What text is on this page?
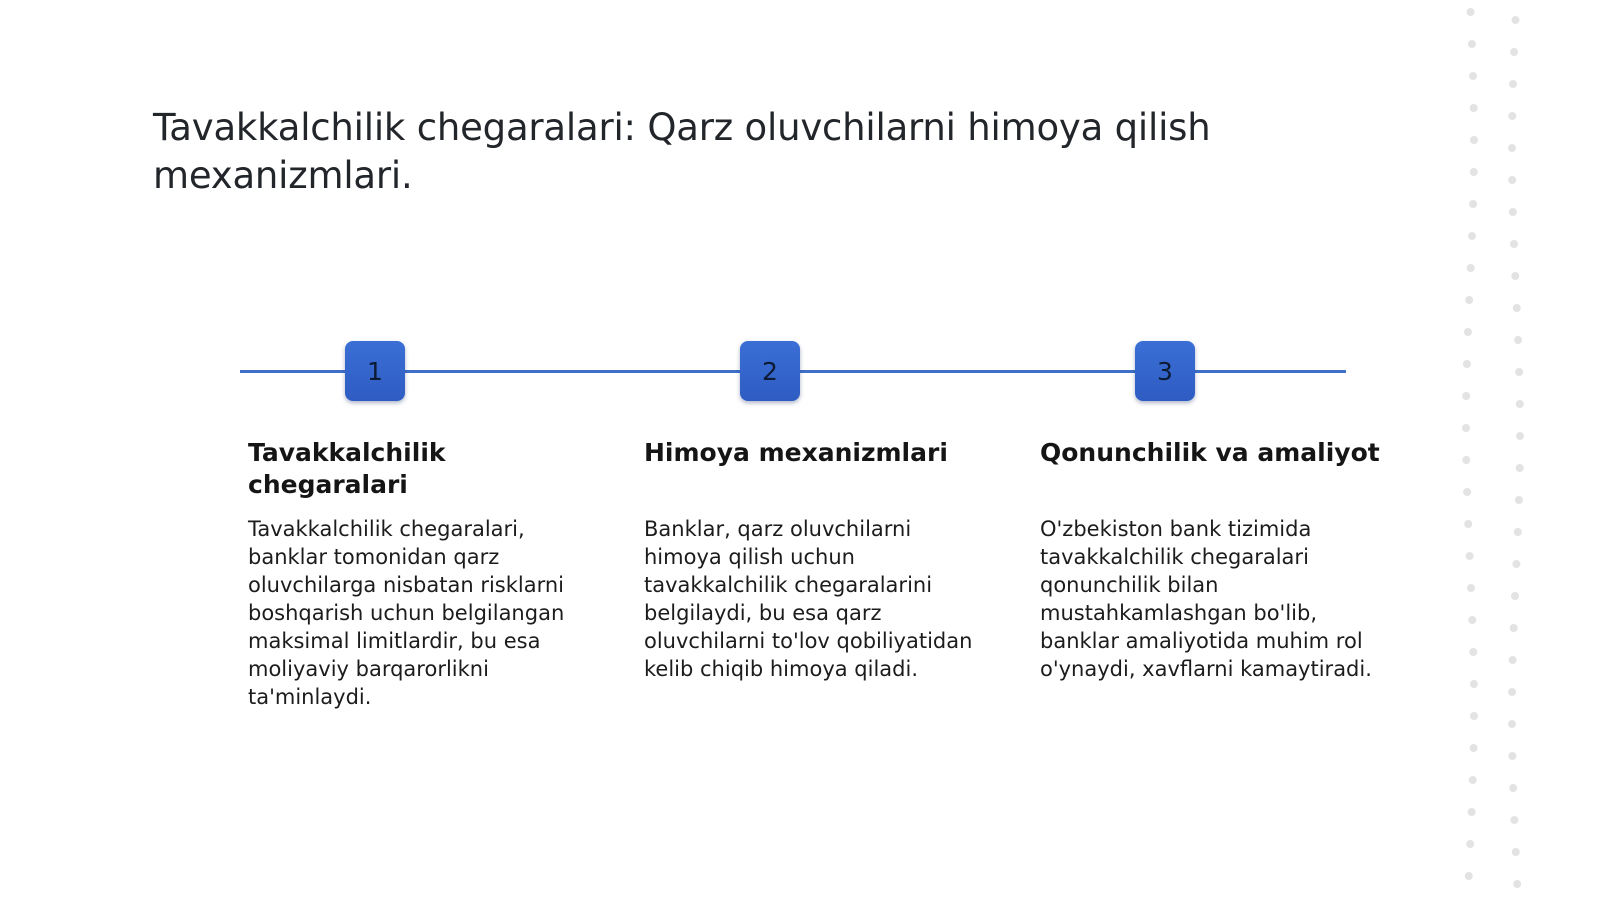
Tavakkalchilik chegaralari: Qarz oluvchilarni himoya qilish mexanizmlari.
1	2	3
Tavakkalchilik chegaralari

Tavakkalchilik chegaralari, banklar tomonidan qarz oluvchilarga nisbatan risklarni boshqarish uchun belgilangan maksimal limitlardir, bu esa moliyaviy barqarorlikni ta'minlaydi.

Himoya mexanizmlari

Banklar, qarz oluvchilarni himoya qilish uchun tavakkalchilik chegaralarini belgilaydi, bu esa qarz oluvchilarni to'lov qobiliyatidan kelib chiqib himoya qiladi.

Qonunchilik va amaliyot

O'zbekiston bank tizimida tavakkalchilik chegaralari qonunchilik bilan mustahkamlashgan bo'lib, banklar amaliyotida muhim rol o'ynaydi, xavflarni kamaytiradi.
